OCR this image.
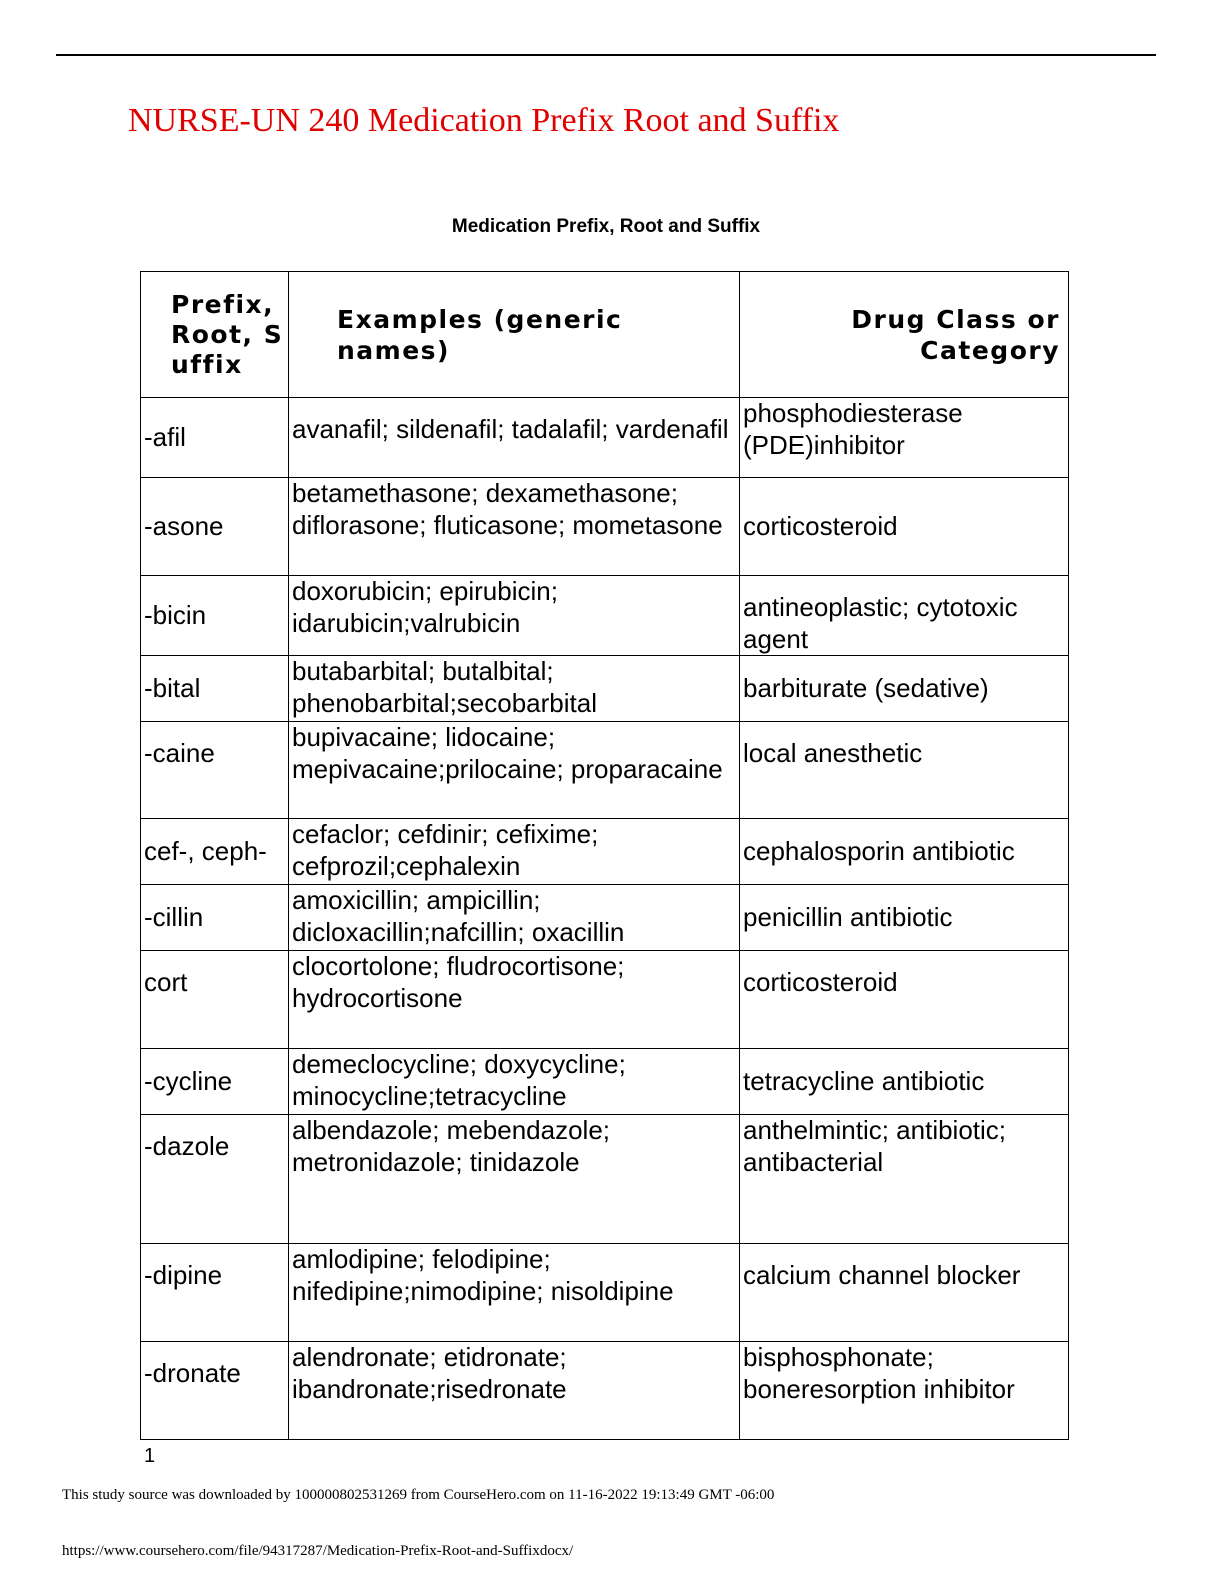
NURSE-UN 240 Medication Prefix Root and Suffix
Medication Prefix, Root and Suffix
Prefix, Root, Suffix	Examples (generic names)	Drug Class or Category
-afil	avanafil; sildenafil; tadalafil; vardenafil	phosphodiesterase (PDE)inhibitor
-asone	betamethasone; dexamethasone; diflorasone; fluticasone; mometasone	corticosteroid
-bicin	doxorubicin; epirubicin; idarubicin;valrubicin	antineoplastic; cytotoxic agent
-bital	butabarbital; butalbital; phenobarbital;secobarbital	barbiturate (sedative)
-caine	bupivacaine; lidocaine; mepivacaine;prilocaine; proparacaine	local anesthetic
cef-, ceph-	cefaclor; cefdinir; cefixime; cefprozil;cephalexin	cephalosporin antibiotic
-cillin	amoxicillin; ampicillin; dicloxacillin;nafcillin; oxacillin	penicillin antibiotic
cort	clocortolone; fludrocortisone; hydrocortisone	corticosteroid
-cycline	demeclocycline; doxycycline; minocycline;tetracycline	tetracycline antibiotic
-dazole	albendazole; mebendazole; metronidazole; tinidazole	anthelmintic; antibiotic; antibacterial
-dipine	amlodipine; felodipine; nifedipine;nimodipine; nisoldipine	calcium channel blocker
-dronate	alendronate; etidronate; ibandronate;risedronate	bisphosphonate; boneresorption inhibitor
1
This study source was downloaded by 100000802531269 from CourseHero.com on 11-16-2022 19:13:49 GMT -06:00
https://www.coursehero.com/file/94317287/Medication-Prefix-Root-and-Suffixdocx/
